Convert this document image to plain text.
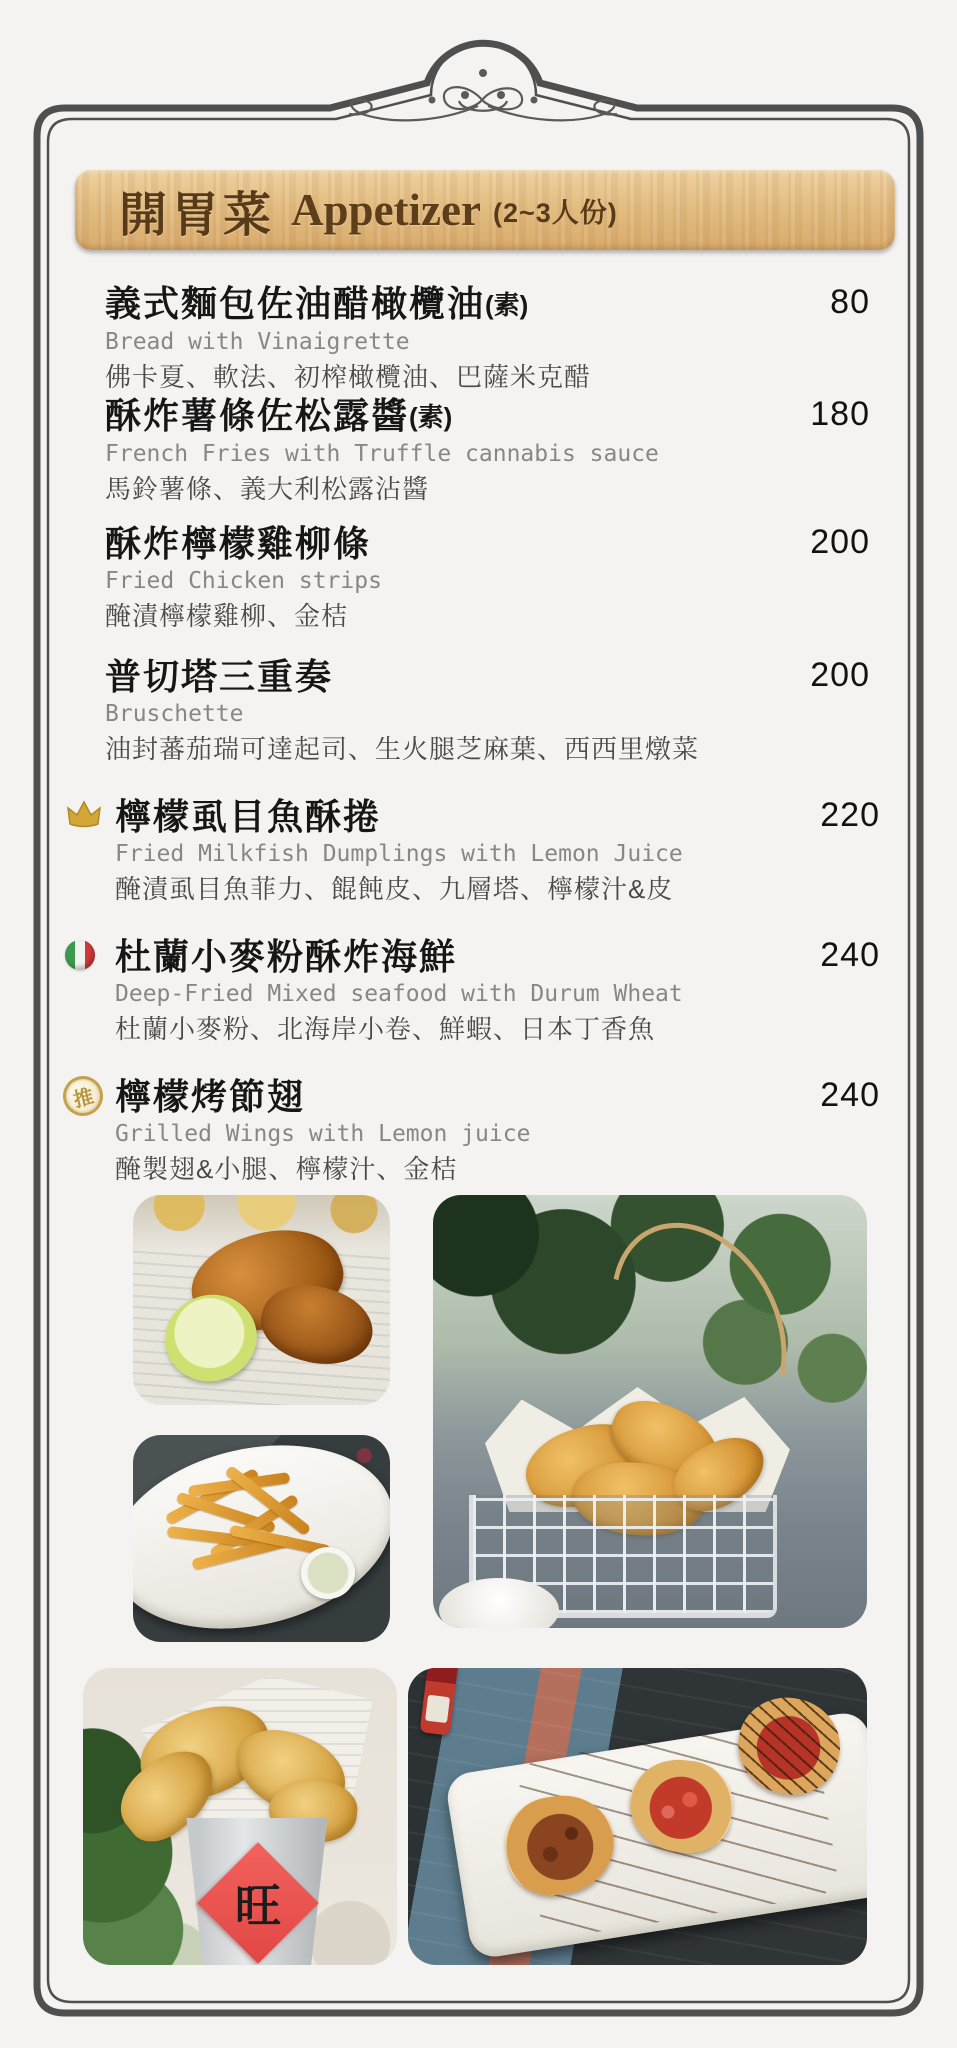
開胃菜 Appetizer (2~3人份)
義式麵包佐油醋橄欖油(素)
Bread with Vinaigrette
佛卡夏、軟法、初榨橄欖油、巴薩米克醋
80
酥炸薯條佐松露醬(素)
French Fries with Truffle cannabis sauce
馬鈴薯條、義大利松露沾醬
180
酥炸檸檬雞柳條
Fried Chicken strips
醃漬檸檬雞柳、金桔
200
普切塔三重奏
Bruschette
油封蕃茄瑞可達起司、生火腿芝麻葉、西西里燉菜
200
檸檬虱目魚酥捲
Fried Milkfish Dumplings with Lemon Juice
醃漬虱目魚菲力、餛飩皮、九層塔、檸檬汁&皮
220
杜蘭小麥粉酥炸海鮮
Deep-Fried Mixed seafood with Durum Wheat
杜蘭小麥粉、北海岸小卷、鮮蝦、日本丁香魚
240
推 檸檬烤節翅
Grilled Wings with Lemon juice
醃製翅&小腿、檸檬汁、金桔
240
旺
